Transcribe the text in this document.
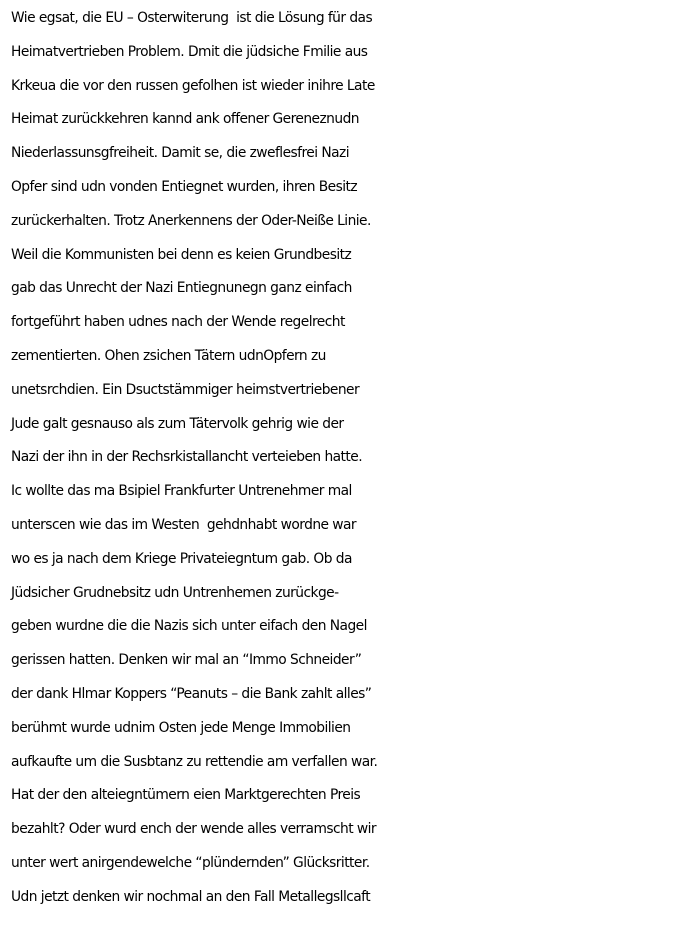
Wie egsat, die EU – Osterwiterung  ist die Lösung für das
Heimatvertrieben Problem. Dmit die jüdsiche Fmilie aus
Krkeua die vor den russen gefolhen ist wieder inihre Late
Heimat zurückkehren kannd ank offener Gereneznudn
Niederlassunsgfreiheit. Damit se, die zweflesfrei Nazi
Opfer sind udn vonden Entiegnet wurden, ihren Besitz
zurückerhalten. Trotz Anerkennens der Oder-Neiße Linie.
Weil die Kommunisten bei denn es keien Grundbesitz
gab das Unrecht der Nazi Entiegnunegn ganz einfach
fortgeführt haben udnes nach der Wende regelrecht
zementierten. Ohen zsichen Tätern udnOpfern zu
unetsrchdien. Ein Dsuctstämmiger heimstvertriebener
Jude galt gesnauso als zum Tätervolk gehrig wie der
Nazi der ihn in der Rechsrkistallancht verteieben hatte.
Ic wollte das ma Bsipiel Frankfurter Untrenehmer mal
unterscen wie das im Westen  gehdnhabt wordne war
wo es ja nach dem Kriege Privateiegntum gab. Ob da
Jüdsicher Grudnebsitz udn Untrenhemen zurückge-
geben wurdne die die Nazis sich unter eifach den Nagel
gerissen hatten. Denken wir mal an “Immo Schneider”
der dank Hlmar Koppers “Peanuts – die Bank zahlt alles”
berühmt wurde udnim Osten jede Menge Immobilien
aufkaufte um die Susbtanz zu rettendie am verfallen war.
Hat der den alteiegntümern eien Marktgerechten Preis
bezahlt? Oder wurd ench der wende alles verramscht wir
unter wert anirgendewelche “plündernden” Glücksritter.
Udn jetzt denken wir nochmal an den Fall Metallegsllcaft
